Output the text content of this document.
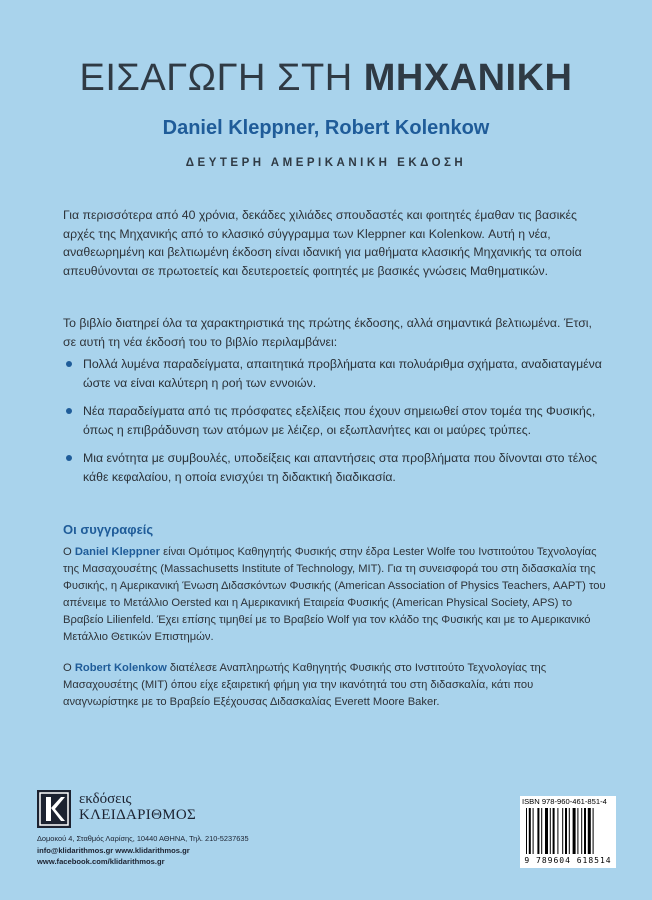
ΕΙΣΑΓΩΓΗ ΣΤΗ ΜΗΧΑΝΙΚΗ
Daniel Kleppner, Robert Kolenkow
ΔΕΥΤΕΡΗ ΑΜΕΡΙΚΑΝΙΚΗ ΕΚΔΟΣΗ

Για περισσότερα από 40 χρόνια, δεκάδες χιλιάδες σπουδαστές και φοιτητές έμαθαν τις βασικές αρχές της Μηχανικής από το κλασικό σύγγραμμα των Kleppner και Kolenkow. Αυτή η νέα, αναθεωρημένη και βελτιωμένη έκδοση είναι ιδανική για μαθήματα κλασικής Μηχανικής τα οποία απευθύνονται σε πρωτοετείς και δευτεροετείς φοιτητές με βασικές γνώσεις Μαθηματικών.

Το βιβλίο διατηρεί όλα τα χαρακτηριστικά της πρώτης έκδοσης, αλλά σημαντικά βελτιωμένα. Έτσι, σε αυτή τη νέα έκδοσή του το βιβλίο περιλαμβάνει:

Πολλά λυμένα παραδείγματα, απαιτητικά προβλήματα και πολυάριθμα σχήματα, αναδιαταγμένα ώστε να είναι καλύτερη η ροή των εννοιών.
Νέα παραδείγματα από τις πρόσφατες εξελίξεις που έχουν σημειωθεί στον τομέα της Φυσικής, όπως η επιβράδυνση των ατόμων με λέιζερ, οι εξωπλανήτες και οι μαύρες τρύπες.
Μια ενότητα με συμβουλές, υποδείξεις και απαντήσεις στα προβλήματα που δίνονται στο τέλος κάθε κεφαλαίου, η οποία ενισχύει τη διδακτική διαδικασία.
Οι συγγραφείς

Ο Daniel Kleppner είναι Ομότιμος Καθηγητής Φυσικής στην έδρα Lester Wolfe του Ινστιτούτου Τεχνολογίας της Μασαχουσέτης (Massachusetts Institute of Technology, MIT). Για τη συνεισφορά του στη διδασκαλία της Φυσικής, η Αμερικανική Ένωση Διδασκόντων Φυσικής (American Association of Physics Teachers, AAPT) του απένειμε το Μετάλλιο Oersted και η Αμερικανική Εταιρεία Φυσικής (American Physical Society, APS) το Βραβείο Lilienfeld. Έχει επίσης τιμηθεί με το Βραβείο Wolf για τον κλάδο της Φυσικής και με το Αμερικανικό Μετάλλιο Θετικών Επιστημών.

Ο Robert Kolenkow διατέλεσε Αναπληρωτής Καθηγητής Φυσικής στο Ινστιτούτο Τεχνολογίας της Μασαχουσέτης (MIT) όπου είχε εξαιρετική φήμη για την ικανότητά του στη διδασκαλία, κάτι που αναγνωρίστηκε με το Βραβείο Εξέχουσας Διδασκαλίας Everett Moore Baker.

εκδόσεις
ΚΛΕΙΔΑΡΙΘΜΟΣ
Δομοκού 4, Σταθμός Λαρίσης, 10440 ΑΘΗΝΑ, Τηλ. 210-5237635
info@klidarithmos.gr www.klidarithmos.gr
www.facebook.com/klidarithmos.gr
ISBN 978-960-461-851-4
9 789604 618514
